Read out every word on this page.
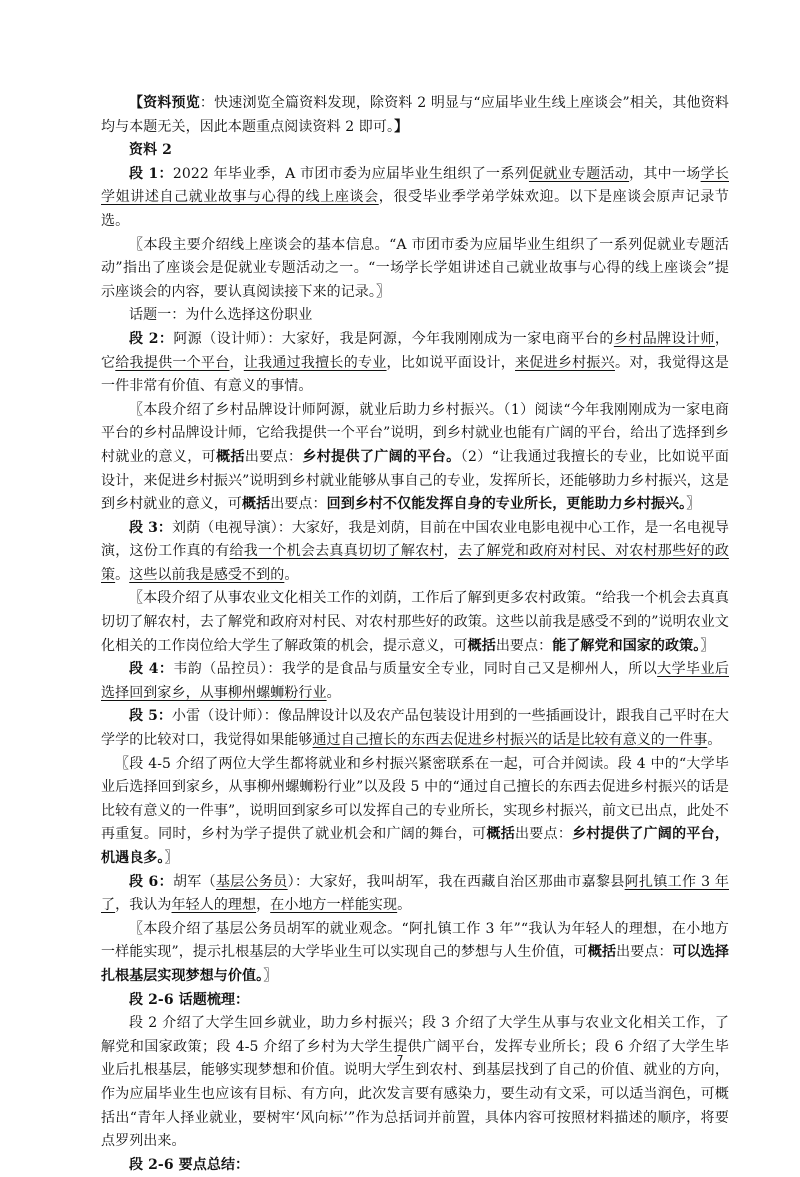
【资料预览：快速浏览全篇资料发现，除资料 2 明显与“应届毕业生线上座谈会”相关，其他资料均与本题无关，因此本题重点阅读资料 2 即可。】

资料 2

段 1：2022 年毕业季，A 市团市委为应届毕业生组织了一系列促就业专题活动，其中一场学长学姐讲述自己就业故事与心得的线上座谈会，很受毕业季学弟学妹欢迎。以下是座谈会原声记录节选。

〖本段主要介绍线上座谈会的基本信息。“A 市团市委为应届毕业生组织了一系列促就业专题活动”指出了座谈会是促就业专题活动之一。“一场学长学姐讲述自己就业故事与心得的线上座谈会”提示座谈会的内容，要认真阅读接下来的记录。〗

话题一：为什么选择这份职业

段 2：阿源（设计师）：大家好，我是阿源，今年我刚刚成为一家电商平台的乡村品牌设计师，它给我提供一个平台，让我通过我擅长的专业，比如说平面设计，来促进乡村振兴。对，我觉得这是一件非常有价值、有意义的事情。

〖本段介绍了乡村品牌设计师阿源，就业后助力乡村振兴。（1）阅读“今年我刚刚成为一家电商平台的乡村品牌设计师，它给我提供一个平台”说明，到乡村就业也能有广阔的平台，给出了选择到乡村就业的意义，可概括出要点：乡村提供了广阔的平台。（2）“让我通过我擅长的专业，比如说平面设计，来促进乡村振兴”说明到乡村就业能够从事自己的专业，发挥所长，还能够助力乡村振兴，这是到乡村就业的意义，可概括出要点：回到乡村不仅能发挥自身的专业所长，更能助力乡村振兴。〗

段 3：刘荫（电视导演）：大家好，我是刘荫，目前在中国农业电影电视中心工作，是一名电视导演，这份工作真的有给我一个机会去真真切切了解农村，去了解党和政府对村民、对农村那些好的政策。这些以前我是感受不到的。

〖本段介绍了从事农业文化相关工作的刘荫，工作后了解到更多农村政策。“给我一个机会去真真切切了解农村，去了解党和政府对村民、对农村那些好的政策。这些以前我是感受不到的”说明农业文化相关的工作岗位给大学生了解政策的机会，提示意义，可概括出要点：能了解党和国家的政策。〗

段 4：韦韵（品控员）：我学的是食品与质量安全专业，同时自己又是柳州人，所以大学毕业后选择回到家乡，从事柳州螺蛳粉行业。

段 5：小雷（设计师）：像品牌设计以及农产品包装设计用到的一些插画设计，跟我自己平时在大学学的比较对口，我觉得如果能够通过自己擅长的东西去促进乡村振兴的话是比较有意义的一件事。

〖段 4-5 介绍了两位大学生都将就业和乡村振兴紧密联系在一起，可合并阅读。段 4 中的“大学毕业后选择回到家乡，从事柳州螺蛳粉行业”以及段 5 中的“通过自己擅长的东西去促进乡村振兴的话是比较有意义的一件事”，说明回到家乡可以发挥自己的专业所长，实现乡村振兴，前文已出点，此处不再重复。同时，乡村为学子提供了就业机会和广阔的舞台，可概括出要点：乡村提供了广阔的平台，机遇良多。〗

段 6：胡军（基层公务员）：大家好，我叫胡军，我在西藏自治区那曲市嘉黎县阿扎镇工作 3 年了，我认为年轻人的理想，在小地方一样能实现。

〖本段介绍了基层公务员胡军的就业观念。“阿扎镇工作 3 年”“我认为年轻人的理想，在小地方一样能实现”，提示扎根基层的大学毕业生可以实现自己的梦想与人生价值，可概括出要点：可以选择扎根基层实现梦想与价值。〗

段 2-6 话题梳理：

段 2 介绍了大学生回乡就业，助力乡村振兴；段 3 介绍了大学生从事与农业文化相关工作，了解党和国家政策；段 4-5 介绍了乡村为大学生提供广阔平台，发挥专业所长；段 6 介绍了大学生毕业后扎根基层，能够实现梦想和价值。说明大学生到农村、到基层找到了自己的价值、就业的方向，作为应届毕业生也应该有目标、有方向，此次发言要有感染力，要生动有文采，可以适当润色，可概括出“青年人择业就业，要树牢‘风向标’”作为总括词并前置，具体内容可按照材料描述的顺序，将要点罗列出来。

段 2-6 要点总结：

7
